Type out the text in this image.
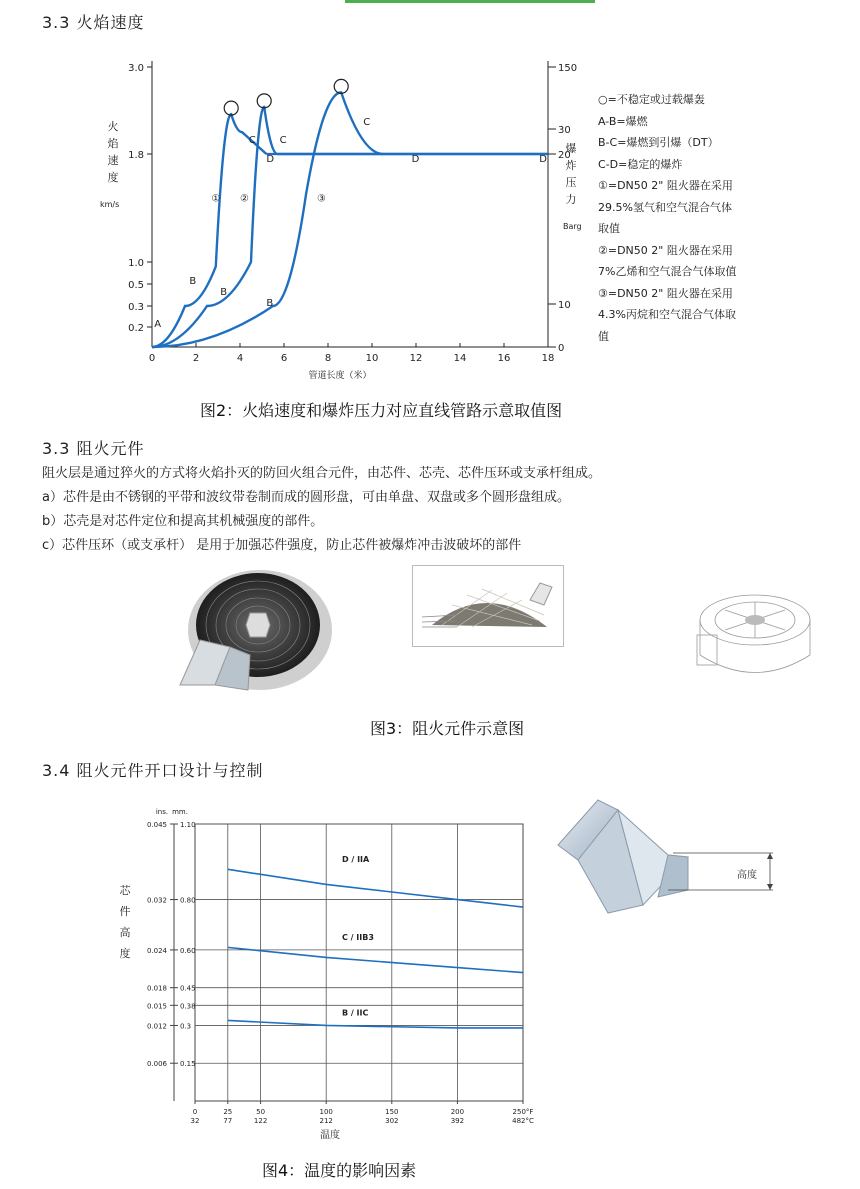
3.3 火焰速度
0	2	4	6	8	10	12	14	16	18
管道长度（米）
0.2
0.3
0.5
1.0
1.8
3.0
0
10
20
30
150
A
B
B
B
C C
C
D	D	D
① ②	③
火
焰
速
度
km/s
爆
炸
压
力
Barg
○=不稳定或过载爆轰
A-B=爆燃
B-C=爆燃到引爆（DT）
C-D=稳定的爆炸
①=DN50 2" 阻火器在采用
29.5%氢气和空气混合气体
取值
②=DN50 2" 阻火器在采用
7%乙烯和空气混合气体取值
③=DN50 2" 阻火器在采用
4.3%丙烷和空气混合气体取
值
图2：火焰速度和爆炸压力对应直线管路示意取值图
3.3 阻火元件
阻火层是通过猝火的方式将火焰扑灭的防回火组合元件，由芯件、芯壳、芯件压环或支承杆组成。
a）芯件是由不锈钢的平带和波纹带卷制而成的圆形盘，可由单盘、双盘或多个圆形盘组成。
b）芯壳是对芯件定位和提高其机械强度的部件。
c）芯件压环（或支承杆） 是用于加强芯件强度，防止芯件被爆炸冲击波破坏的部件
图3：阻火元件示意图
3.4 阻火元件开口设计与控制
ins. mm.
0.045 1.10
0.032 0.80
0.024 0.60
0.018 0.45
0.015 0.38
0.012 0.3
0.006 0.15
0
32
25
77
50
122
100
212
150
302
200
392
250°F
482°C
温度
D / IIA
C / IIB3
B / IIC
芯
件
高
度
高度
图4：温度的影响因素
